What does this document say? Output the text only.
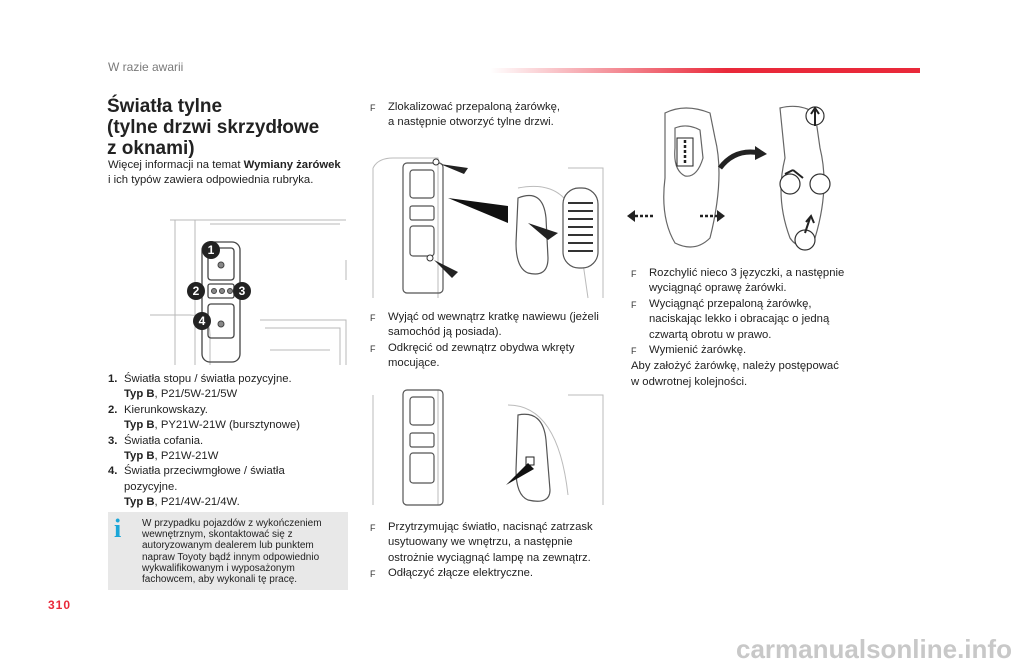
W razie awarii
Światła tylne
(tylne drzwi skrzydłowe
z oknami)
Więcej informacji na temat Wymiany żarówek
i ich typów zawiera odpowiednia rubryka.
1
2	3
4
1. Światła stopu / światła pozycyjne.
Typ B, P21/5W-21/5W
2. Kierunkowskazy.
Typ B, PY21W-21W (bursztynowe)
3. Światła cofania.
Typ B, P21W-21W
4. Światła przeciwmgłowe / światła
pozycyjne.
Typ B, P21/4W-21/4W.
i W przypadku pojazdów z wykończeniem
wewnętrznym, skontaktować się z
autoryzowanym dealerem lub punktem
napraw Toyoty bądź innym odpowiednio
wykwalifikowanym i wyposażonym
fachowcem, aby wykonali tę pracę.
F	Zlokalizować przepaloną żarówkę,
a następnie otworzyć tylne drzwi.
F	Wyjąć od wewnątrz kratkę nawiewu (jeżeli
samochód ją posiada).
F	Odkręcić od zewnątrz obydwa wkręty
mocujące.
F	Przytrzymując światło, nacisnąć zatrzask
usytuowany we wnętrzu, a następnie
ostrożnie wyciągnąć lampę na zewnątrz.
F	Odłączyć złącze elektryczne.
F	Rozchylić nieco 3 języczki, a następnie
wyciągnąć oprawę żarówki.
F	Wyciągnąć przepaloną żarówkę,
naciskając lekko i obracając o jedną
czwartą obrotu w prawo.
F	Wymienić żarówkę.
Aby założyć żarówkę, należy postępować
w odwrotnej kolejności.
310
carmanualsonline.info
